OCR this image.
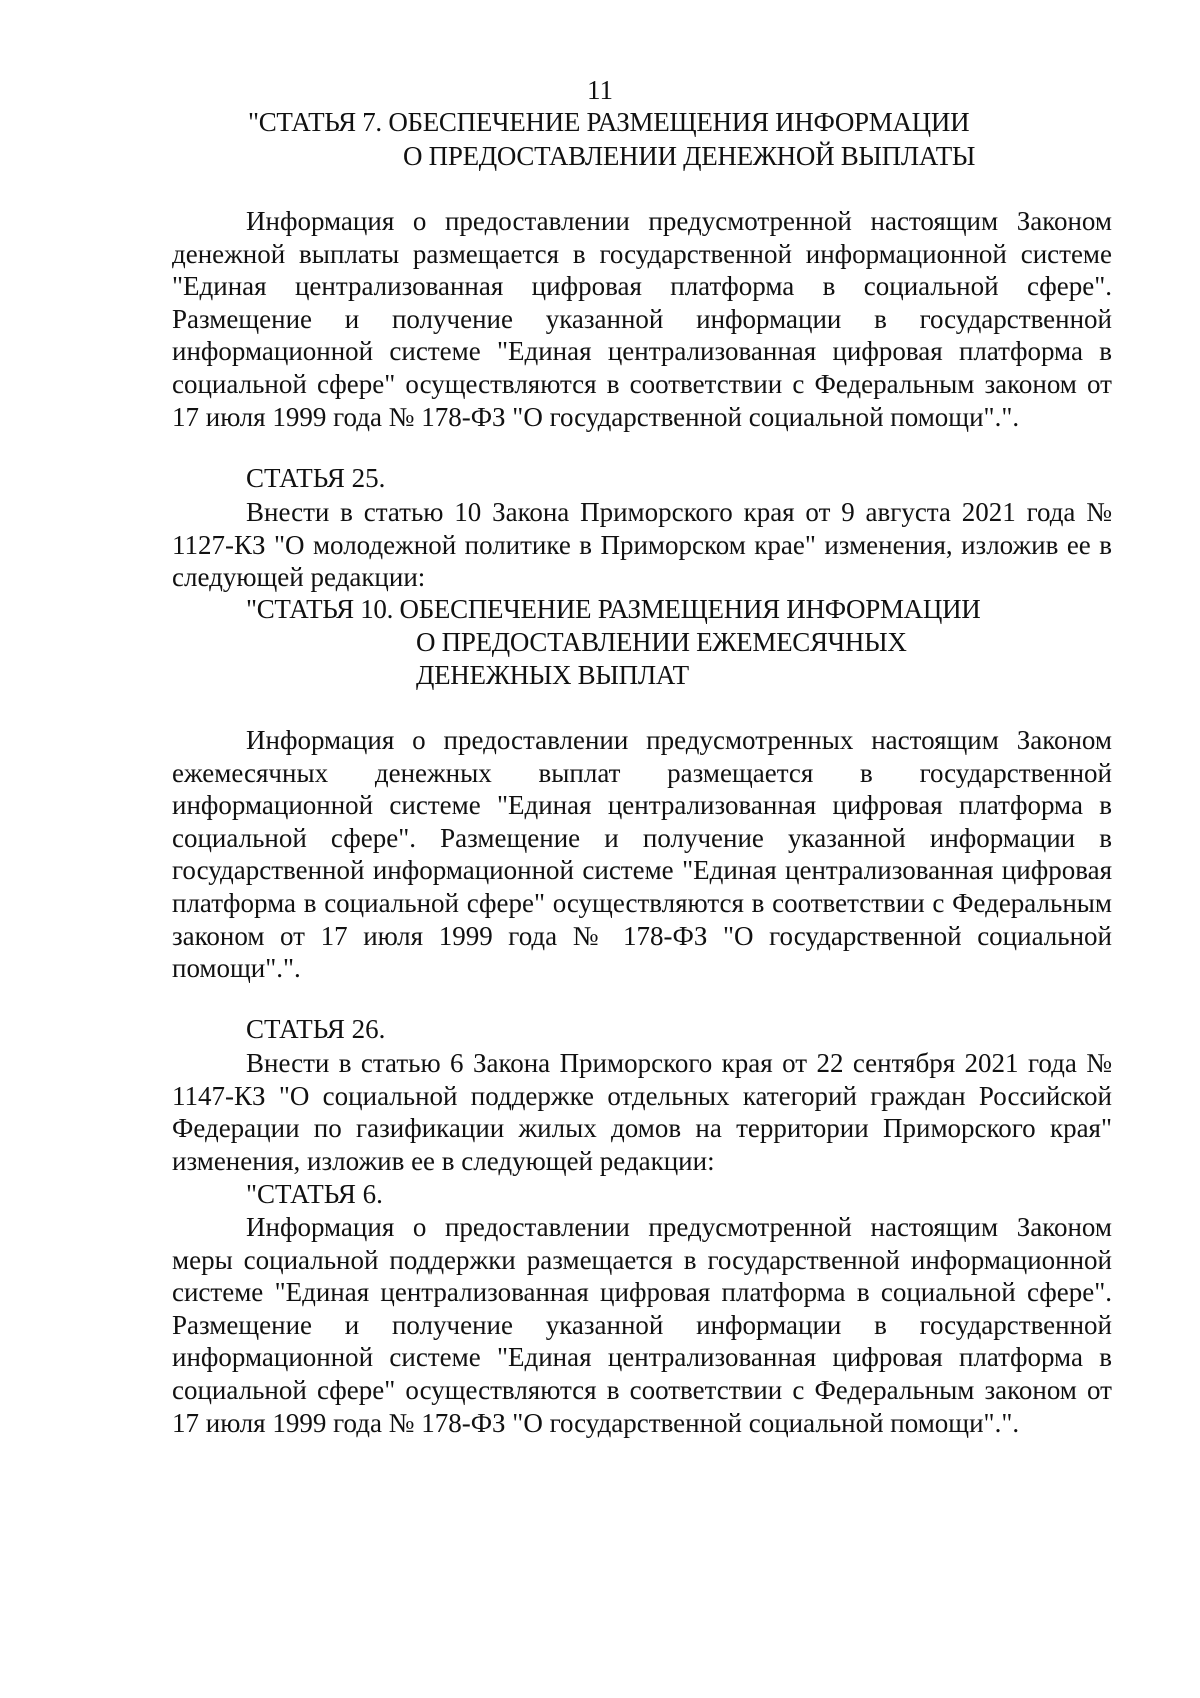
11
"СТАТЬЯ 7. ОБЕСПЕЧЕНИЕ РАЗМЕЩЕНИЯ ИНФОРМАЦИИ
О ПРЕДОСТАВЛЕНИИ ДЕНЕЖНОЙ ВЫПЛАТЫ

Информация о предоставлении предусмотренной настоящим Законом денежной выплаты размещается в государственной информационной системе "Единая централизованная цифровая платформа в социальной сфере". Размещение и получение указанной информации в государственной информационной системе "Единая централизованная цифровая платформа в социальной сфере" осуществляются в соответствии с Федеральным законом от 17 июля 1999 года № 178-ФЗ "О государственной социальной помощи".".

СТАТЬЯ 25.

Внести в статью 10 Закона Приморского края от 9 августа 2021 года № 1127-КЗ "О молодежной политике в Приморском крае" изменения, изложив ее в следующей редакции:

"СТАТЬЯ 10. ОБЕСПЕЧЕНИЕ РАЗМЕЩЕНИЯ ИНФОРМАЦИИ
О ПРЕДОСТАВЛЕНИИ ЕЖЕМЕСЯЧНЫХ
ДЕНЕЖНЫХ ВЫПЛАТ

Информация о предоставлении предусмотренных настоящим Законом ежемесячных денежных выплат размещается в государственной информационной системе "Единая централизованная цифровая платформа в социальной сфере". Размещение и получение указанной информации в государственной информационной системе "Единая централизованная цифровая платформа в социальной сфере" осуществляются в соответствии с Федеральным законом от 17 июля 1999 года № 178-ФЗ "О государственной социальной помощи".".

СТАТЬЯ 26.

Внести в статью 6 Закона Приморского края от 22 сентября 2021 года № 1147-КЗ "О социальной поддержке отдельных категорий граждан Российской Федерации по газификации жилых домов на территории Приморского края" изменения, изложив ее в следующей редакции:

"СТАТЬЯ 6.

Информация о предоставлении предусмотренной настоящим Законом меры социальной поддержки размещается в государственной информационной системе "Единая централизованная цифровая платформа в социальной сфере". Размещение и получение указанной информации в государственной информационной системе "Единая централизованная цифровая платформа в социальной сфере" осуществляются в соответствии с Федеральным законом от 17 июля 1999 года № 178-ФЗ "О государственной социальной помощи".".
